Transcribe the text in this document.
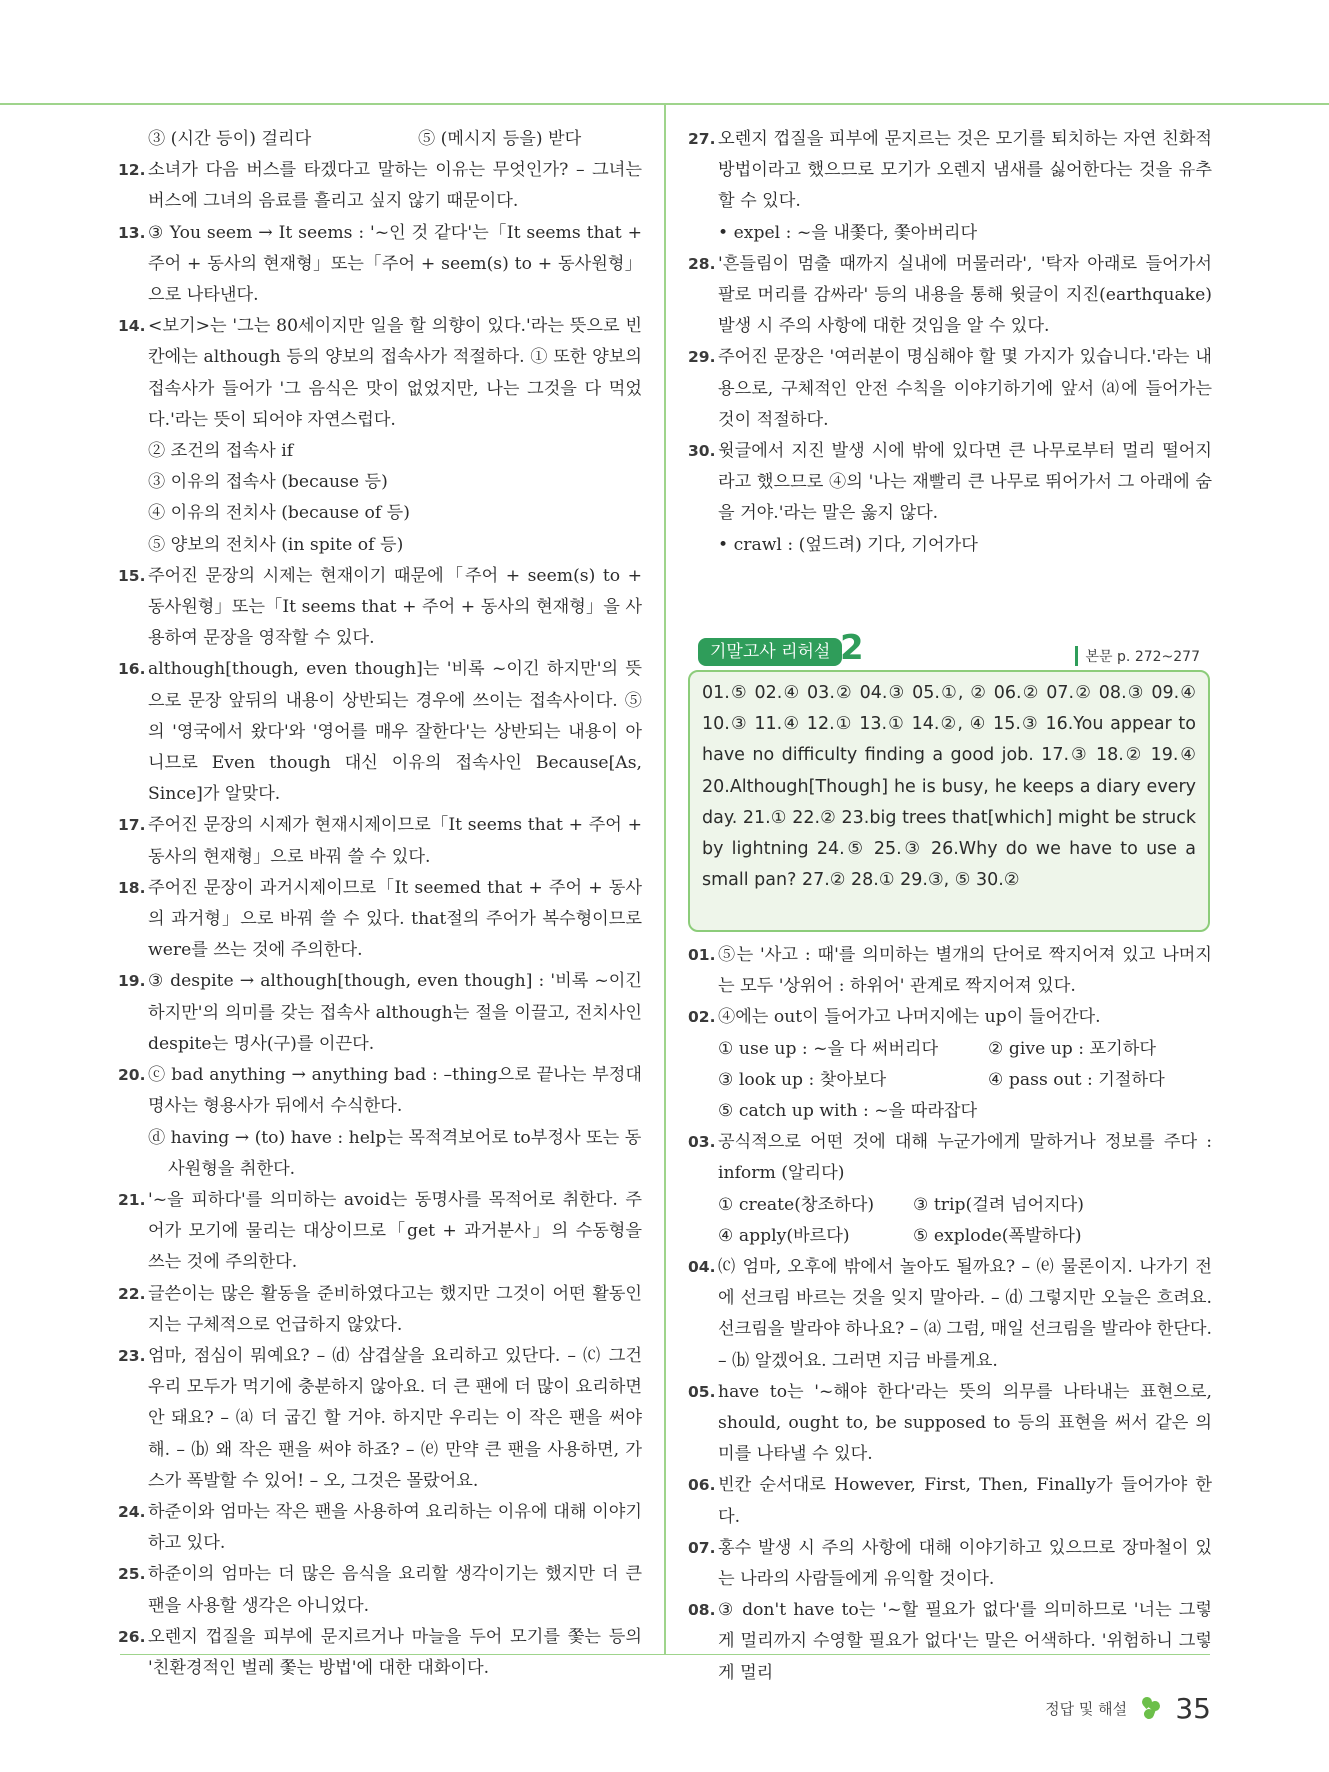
③ (시간 등이) 걸리다	⑤ (메시지 등을) 받다
12. 소녀가 다음 버스를 타겠다고 말하는 이유는 무엇인가? – 그녀는 버스에 그녀의 음료를 흘리고 싶지 않기 때문이다.
13. ③ You seem → It seems : '~인 것 같다'는「It seems that + 주어 + 동사의 현재형」또는「주어 + seem(s) to + 동사원형」으로 나타낸다.
14. <보기>는 '그는 80세이지만 일을 할 의향이 있다.'라는 뜻으로 빈칸에는 although 등의 양보의 접속사가 적절하다. ① 또한 양보의 접속사가 들어가 '그 음식은 맛이 없었지만, 나는 그것을 다 먹었다.'라는 뜻이 되어야 자연스럽다.
② 조건의 접속사 if
③ 이유의 접속사 (because 등)
④ 이유의 전치사 (because of 등)
⑤ 양보의 전치사 (in spite of 등)
15. 주어진 문장의 시제는 현재이기 때문에「주어 + seem(s) to + 동사원형」또는「It seems that + 주어 + 동사의 현재형」을 사용하여 문장을 영작할 수 있다.
16. although[though, even though]는 '비록 ~이긴 하지만'의 뜻으로 문장 앞뒤의 내용이 상반되는 경우에 쓰이는 접속사이다. ⑤의 '영국에서 왔다'와 '영어를 매우 잘한다'는 상반되는 내용이 아니므로 Even though 대신 이유의 접속사인 Because[As, Since]가 알맞다.
17. 주어진 문장의 시제가 현재시제이므로「It seems that + 주어 + 동사의 현재형」으로 바꿔 쓸 수 있다.
18. 주어진 문장이 과거시제이므로「It seemed that + 주어 + 동사의 과거형」으로 바꿔 쓸 수 있다. that절의 주어가 복수형이므로 were를 쓰는 것에 주의한다.
19. ③ despite → although[though, even though] : '비록 ~이긴 하지만'의 의미를 갖는 접속사 although는 절을 이끌고, 전치사인 despite는 명사(구)를 이끈다.
20. ⓒ bad anything → anything bad : –thing으로 끝나는 부정대명사는 형용사가 뒤에서 수식한다.
ⓓ having → (to) have : help는 목적격보어로 to부정사 또는 동사원형을 취한다.
21. '~을 피하다'를 의미하는 avoid는 동명사를 목적어로 취한다. 주어가 모기에 물리는 대상이므로「get + 과거분사」의 수동형을 쓰는 것에 주의한다.
22. 글쓴이는 많은 활동을 준비하였다고는 했지만 그것이 어떤 활동인지는 구체적으로 언급하지 않았다.
23. 엄마, 점심이 뭐예요? – ⒟ 삼겹살을 요리하고 있단다. – ⒞ 그건 우리 모두가 먹기에 충분하지 않아요. 더 큰 팬에 더 많이 요리하면 안 돼요? – ⒜ 더 굽긴 할 거야. 하지만 우리는 이 작은 팬을 써야 해. – ⒝ 왜 작은 팬을 써야 하죠? – ⒠ 만약 큰 팬을 사용하면, 가스가 폭발할 수 있어! – 오, 그것은 몰랐어요.
24. 하준이와 엄마는 작은 팬을 사용하여 요리하는 이유에 대해 이야기하고 있다.
25. 하준이의 엄마는 더 많은 음식을 요리할 생각이기는 했지만 더 큰 팬을 사용할 생각은 아니었다.
26. 오렌지 껍질을 피부에 문지르거나 마늘을 두어 모기를 쫓는 등의 '친환경적인 벌레 쫓는 방법'에 대한 대화이다.
27. 오렌지 껍질을 피부에 문지르는 것은 모기를 퇴치하는 자연 친화적 방법이라고 했으므로 모기가 오렌지 냄새를 싫어한다는 것을 유추할 수 있다.
• expel : ~을 내쫓다, 쫓아버리다
28. '흔들림이 멈출 때까지 실내에 머물러라', '탁자 아래로 들어가서 팔로 머리를 감싸라' 등의 내용을 통해 윗글이 지진(earthquake) 발생 시 주의 사항에 대한 것임을 알 수 있다.
29. 주어진 문장은 '여러분이 명심해야 할 몇 가지가 있습니다.'라는 내용으로, 구체적인 안전 수칙을 이야기하기에 앞서 ⒜에 들어가는 것이 적절하다.
30. 윗글에서 지진 발생 시에 밖에 있다면 큰 나무로부터 멀리 떨어지라고 했으므로 ④의 '나는 재빨리 큰 나무로 뛰어가서 그 아래에 숨을 거야.'라는 말은 옳지 않다.
• crawl : (엎드려) 기다, 기어가다
기말고사 리허설 2	본문 p. 272~277
01.⑤ 02.④ 03.② 04.③ 05.①, ② 06.② 07.② 08.③ 09.④ 10.③ 11.④ 12.① 13.① 14.②, ④ 15.③ 16.You appear to have no difficulty finding a good job. 17.③ 18.② 19.④ 20.Although[Though] he is busy, he keeps a diary every day. 21.① 22.② 23.big trees that[which] might be struck by lightning 24.⑤ 25.③ 26.Why do we have to use a small pan? 27.② 28.① 29.③, ⑤ 30.②
01. ⑤는 '사고 : 때'를 의미하는 별개의 단어로 짝지어져 있고 나머지는 모두 '상위어 : 하위어' 관계로 짝지어져 있다.
02. ④에는 out이 들어가고 나머지에는 up이 들어간다.
① use up : ~을 다 써버리다	② give up : 포기하다
③ look up : 찾아보다	④ pass out : 기절하다
⑤ catch up with : ~을 따라잡다
03. 공식적으로 어떤 것에 대해 누군가에게 말하거나 정보를 주다 : inform (알리다)
① create(창조하다)	③ trip(걸려 넘어지다)
④ apply(바르다)	⑤ explode(폭발하다)
04. ⒞ 엄마, 오후에 밖에서 놀아도 될까요? – ⒠ 물론이지. 나가기 전에 선크림 바르는 것을 잊지 말아라. – ⒟ 그렇지만 오늘은 흐려요. 선크림을 발라야 하나요? – ⒜ 그럼, 매일 선크림을 발라야 한단다. – ⒝ 알겠어요. 그러면 지금 바를게요.
05. have to는 '~해야 한다'라는 뜻의 의무를 나타내는 표현으로, should, ought to, be supposed to 등의 표현을 써서 같은 의미를 나타낼 수 있다.
06. 빈칸 순서대로 However, First, Then, Finally가 들어가야 한다.
07. 홍수 발생 시 주의 사항에 대해 이야기하고 있으므로 장마철이 있는 나라의 사람들에게 유익할 것이다.
08. ③ don't have to는 '~할 필요가 없다'를 의미하므로 '너는 그렇게 멀리까지 수영할 필요가 없다'는 말은 어색하다. '위험하니 그렇게 멀리
정답 및 해설 35
